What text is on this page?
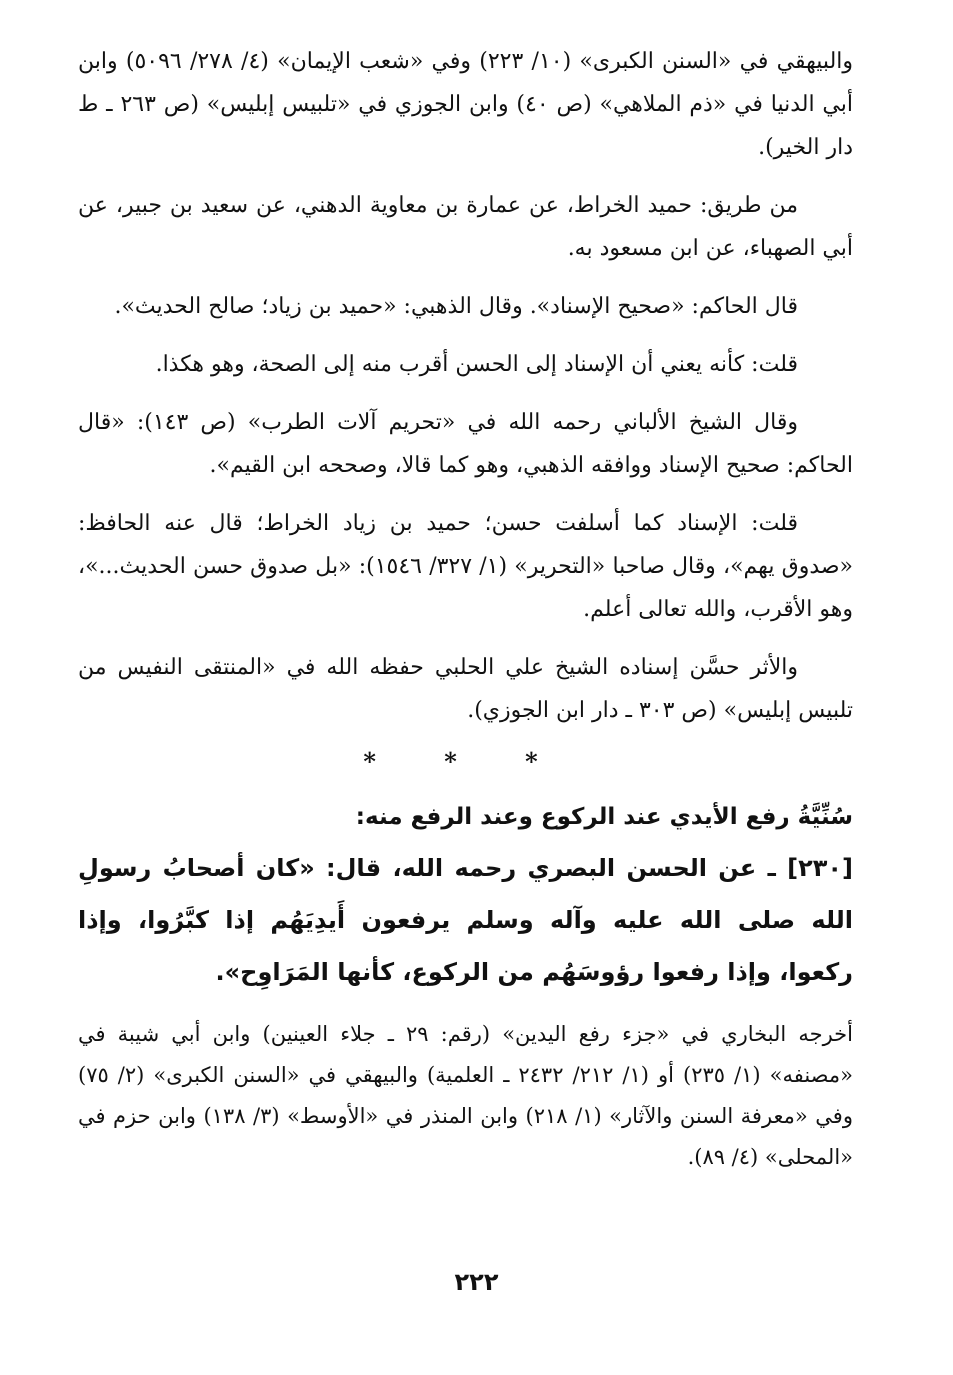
والبيهقي في «السنن الكبرى» (١٠/ ٢٢٣) وفي «شعب الإيمان» (٤/ ٢٧٨/ ٥٠٩٦) وابن أبي الدنيا في «ذم الملاهي» (ص ٤٠) وابن الجوزي في «تلبيس إبليس» (ص ٢٦٣ ـ ط دار الخير).

من طريق: حميد الخراط، عن عمارة بن معاوية الدهني، عن سعيد بن جبير، عن أبي الصهباء، عن ابن مسعود به.

قال الحاكم: «صحيح الإسناد». وقال الذهبي: «حميد بن زياد؛ صالح الحديث».

قلت: كأنه يعني أن الإسناد إلى الحسن أقرب منه إلى الصحة، وهو هكذا.

وقال الشيخ الألباني رحمه الله في «تحريم آلات الطرب» (ص ١٤٣): «قال الحاكم: صحيح الإسناد ووافقه الذهبي، وهو كما قالا، وصححه ابن القيم».

قلت: الإسناد كما أسلفت حسن؛ حميد بن زياد الخراط؛ قال عنه الحافظ: «صدوق يهم»، وقال صاحبا «التحرير» (١/ ٣٢٧/ ١٥٤٦): «بل صدوق حسن الحديث...»، وهو الأقرب، والله تعالى أعلم.

والأثر حسَّن إسناده الشيخ علي الحلبي حفظه الله في «المنتقى النفيس من تلبيس إبليس» (ص ٣٠٣ ـ دار ابن الجوزي).

* * *
سُنِّيَّةُ رفع الأيدي عند الركوع وعند الرفع منه:

[٢٣٠] ـ عن الحسن البصري رحمه الله، قال: «كان أصحابُ رسولِ الله صلى الله عليه وآله وسلم يرفعون أَيدِيَهُم إذا كبَّرُوا، وإذا ركعوا، وإذا رفعوا رؤوسَهُم من الركوع، كأنها المَرَاوِح».

أخرجه البخاري في «جزء رفع اليدين» (رقم: ٢٩ ـ جلاء العينين) وابن أبي شيبة في «مصنفه» (١/ ٢٣٥) أو (١/ ٢١٢/ ٢٤٣٢ ـ العلمية) والبيهقي في «السنن الكبرى» (٢/ ٧٥) وفي «معرفة السنن والآثار» (١/ ٢١٨) وابن المنذر في «الأوسط» (٣/ ١٣٨) وابن حزم في «المحلى» (٤/ ٨٩).

٢٢٢
